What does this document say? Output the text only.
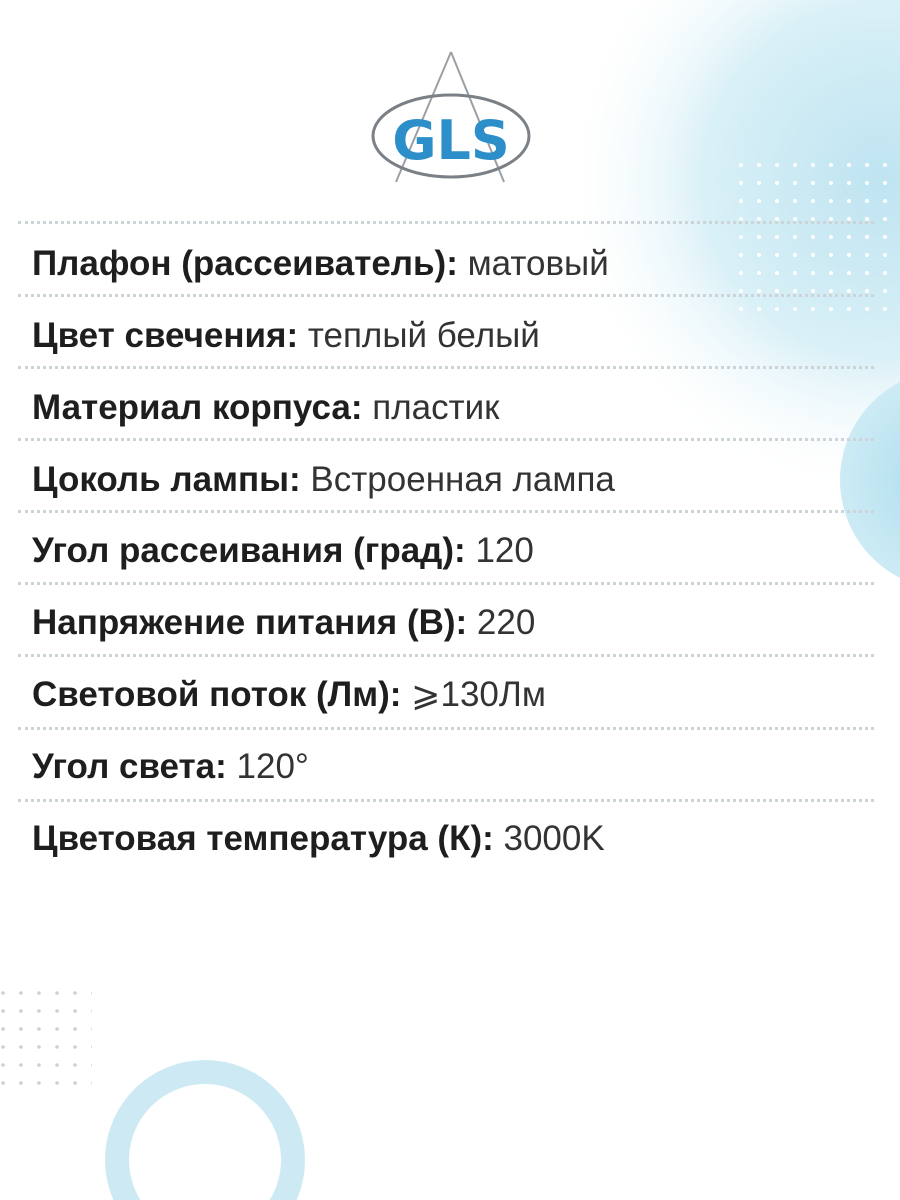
GLS
Плафон (рассеиватель): матовый
Цвет свечения: теплый белый
Материал корпуса: пластик
Цоколь лампы: Встроенная лампа
Угол рассеивания (град): 120
Напряжение питания (В): 220
Световой поток (Лм): ⩾130Лм
Угол света: 120°
Цветовая температура (К): 3000K
